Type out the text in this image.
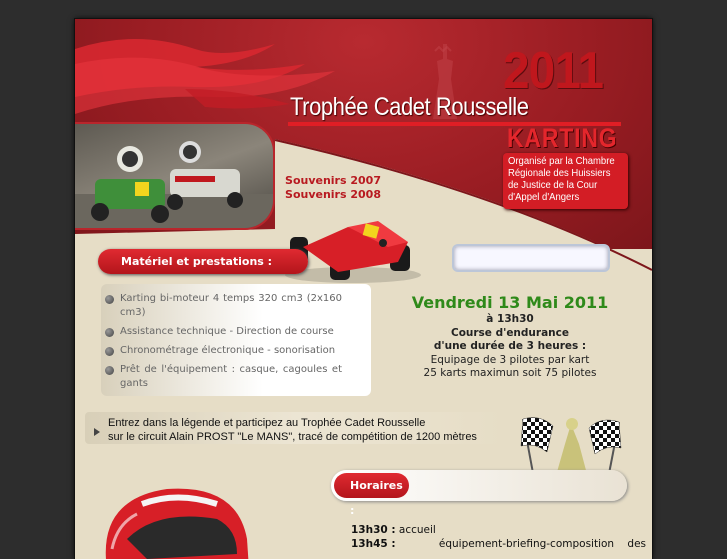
2011
Trophée Cadet Rousselle
KARTING
Organisé par la Chambre
Régionale des Huissiers
de Justice de la Cour
d'Appel d'Angers
Souvenirs 2007
Souvenirs 2008
Matériel et prestations :
Karting bi-moteur 4 temps 320 cm3 (2x160 cm3)
Assistance technique - Direction de course
Chronométrage électronique - sonorisation
Prêt de l'équipement : casque, cagoules et gants
Vendredi 13 Mai 2011
à 13h30
Course d'endurance
d'une durée de 3 heures :
Equipage de 3 pilotes par kart
25 karts maximun soit 75 pilotes
Entrez dans la légende et participez au Trophée Cadet Rousselle
sur le circuit Alain PROST "Le MANS", tracé de compétition de 1200 mètres
Horaires :
13h30 : accueil
13h45 :	équipement-briefing-composition des
